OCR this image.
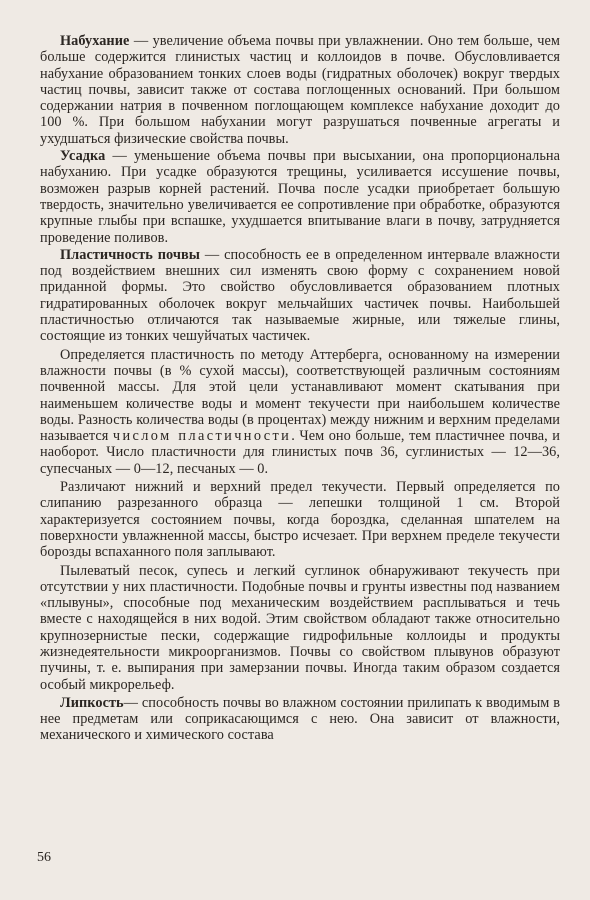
Набухание — увеличение объема почвы при увлажнении. Оно тем больше, чем больше содержится глинистых частиц и коллоидов в почве. Обусловливается набухание образованием тонких слоев воды (гидратных оболочек) вокруг твердых частиц почвы, зависит также от состава поглощенных оснований. При большом содержании натрия в почвенном поглощающем комплексе набухание доходит до 100 %. При большом набухании могут разрушаться почвенные агрегаты и ухудшаться физические свойства почвы.

Усадка — уменьшение объема почвы при высыхании, она пропорциональна набуханию. При усадке образуются трещины, усиливается иссушение почвы, возможен разрыв корней растений. Почва после усадки приобретает большую твердость, значительно увеличивается ее сопротивление при обработке, образуются крупные глыбы при вспашке, ухудшается впитывание влаги в почву, затрудняется проведение поливов.

Пластичность почвы — способность ее в определенном интервале влажности под воздействием внешних сил изменять свою форму с сохранением новой приданной формы. Это свойство обусловливается образованием плотных гидратированных оболочек вокруг мельчайших частичек почвы. Наибольшей пластичностью отличаются так называемые жирные, или тяжелые глины, состоящие из тонких чешуйчатых частичек.

Определяется пластичность по методу Аттерберга, основанному на измерении влажности почвы (в % сухой массы), соответствующей различным состояниям почвенной массы. Для этой цели устанавливают момент скатывания при наименьшем количестве воды и момент текучести при наибольшем количестве воды. Разность количества воды (в процентах) между нижним и верхним пределами называется числом пластичности. Чем оно больше, тем пластичнее почва, и наоборот. Число пластичности для глинистых почв 36, суглинистых — 12—36, супесчаных — 0—12, песчаных — 0.

Различают нижний и верхний предел текучести. Первый определяется по слипанию разрезанного образца — лепешки толщиной 1 см. Второй характеризуется состоянием почвы, когда бороздка, сделанная шпателем на поверхности увлажненной массы, быстро исчезает. При верхнем пределе текучести борозды вспаханного поля заплывают.

Пылеватый песок, супесь и легкий суглинок обнаруживают текучесть при отсутствии у них пластичности. Подобные почвы и грунты известны под названием «плывуны», способные под механическим воздействием расплываться и течь вместе с находящейся в них водой. Этим свойством обладают также относительно крупнозернистые пески, содержащие гидрофильные коллоиды и продукты жизнедеятельности микроорганизмов. Почвы со свойством плывунов образуют пучины, т. е. выпирания при замерзании почвы. Иногда таким образом создается особый микрорельеф.

Липкость— способность почвы во влажном состоянии прилипать к вводимым в нее предметам или соприкасающимся с нею. Она зависит от влажности, механического и химического состава

56
